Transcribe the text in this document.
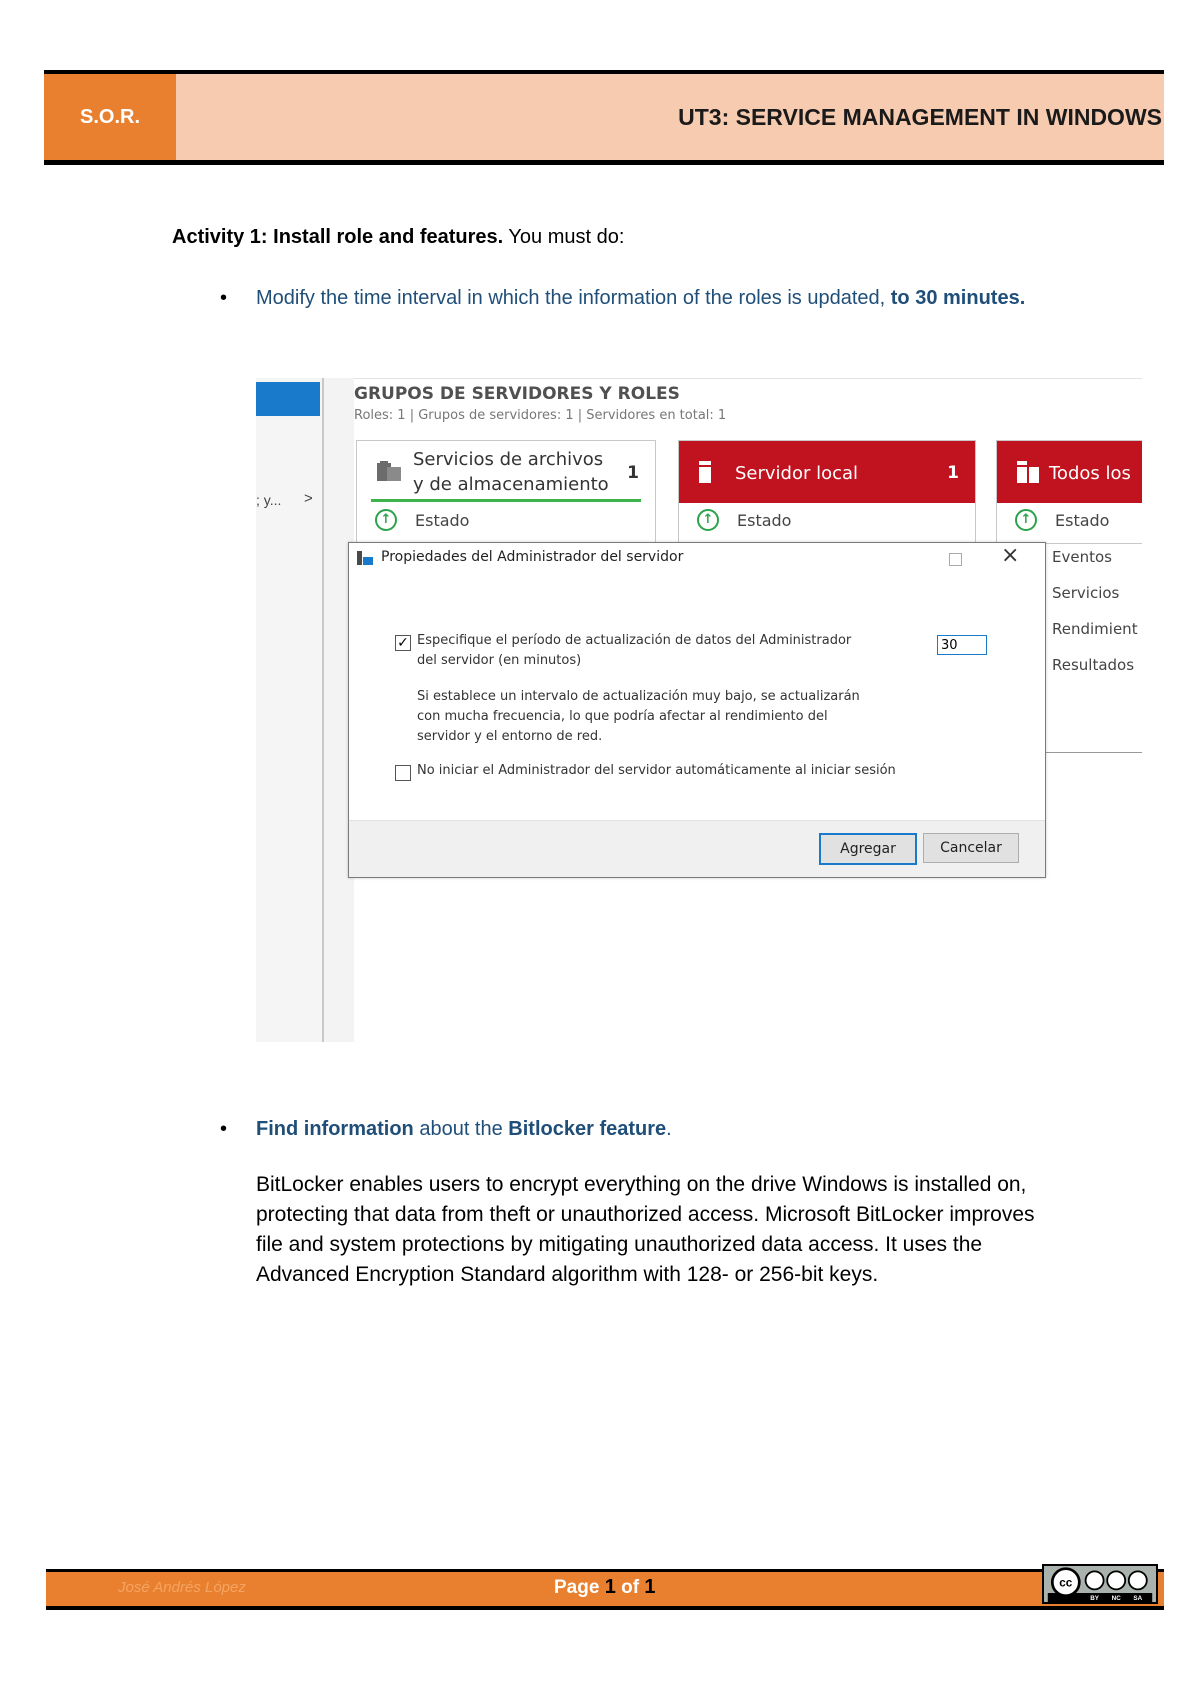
S.O.R.	UT3: SERVICE MANAGEMENT IN WINDOWS
Activity 1: Install role and features. You must do:
• Modify the time interval in which the information of the roles is updated, to 30 minutes.
; y... >
GRUPOS DE SERVIDORES Y ROLES
Roles: 1 | Grupos de servidores: 1 | Servidores en total: 1
Servicios de archivos y de almacenamiento
1
↑	Estado
Servidor local	1
↑	Estado
Todos los
↑	Estado
Eventos
Servicios
Rendimient
Resultados
Propiedades del Administrador del servidor	×
✓ Especifique el período de actualización de datos del Administrador del servidor (en minutos)
30
Si establece un intervalo de actualización muy bajo, se actualizarán con mucha frecuencia, lo que podría afectar al rendimiento del servidor y el entorno de red.
No iniciar el Administrador del servidor automáticamente al iniciar sesión
Agregar	Cancelar
• Find information about the Bitlocker feature.
BitLocker enables users to encrypt everything on the drive Windows is installed on, protecting that data from theft or unauthorized access. Microsoft BitLocker improves file and system protections by mitigating unauthorized data access. It uses the Advanced Encryption Standard algorithm with 128- or 256-bit keys.
José Andrés López	Page 1 of 1	cc
BY NC SA
